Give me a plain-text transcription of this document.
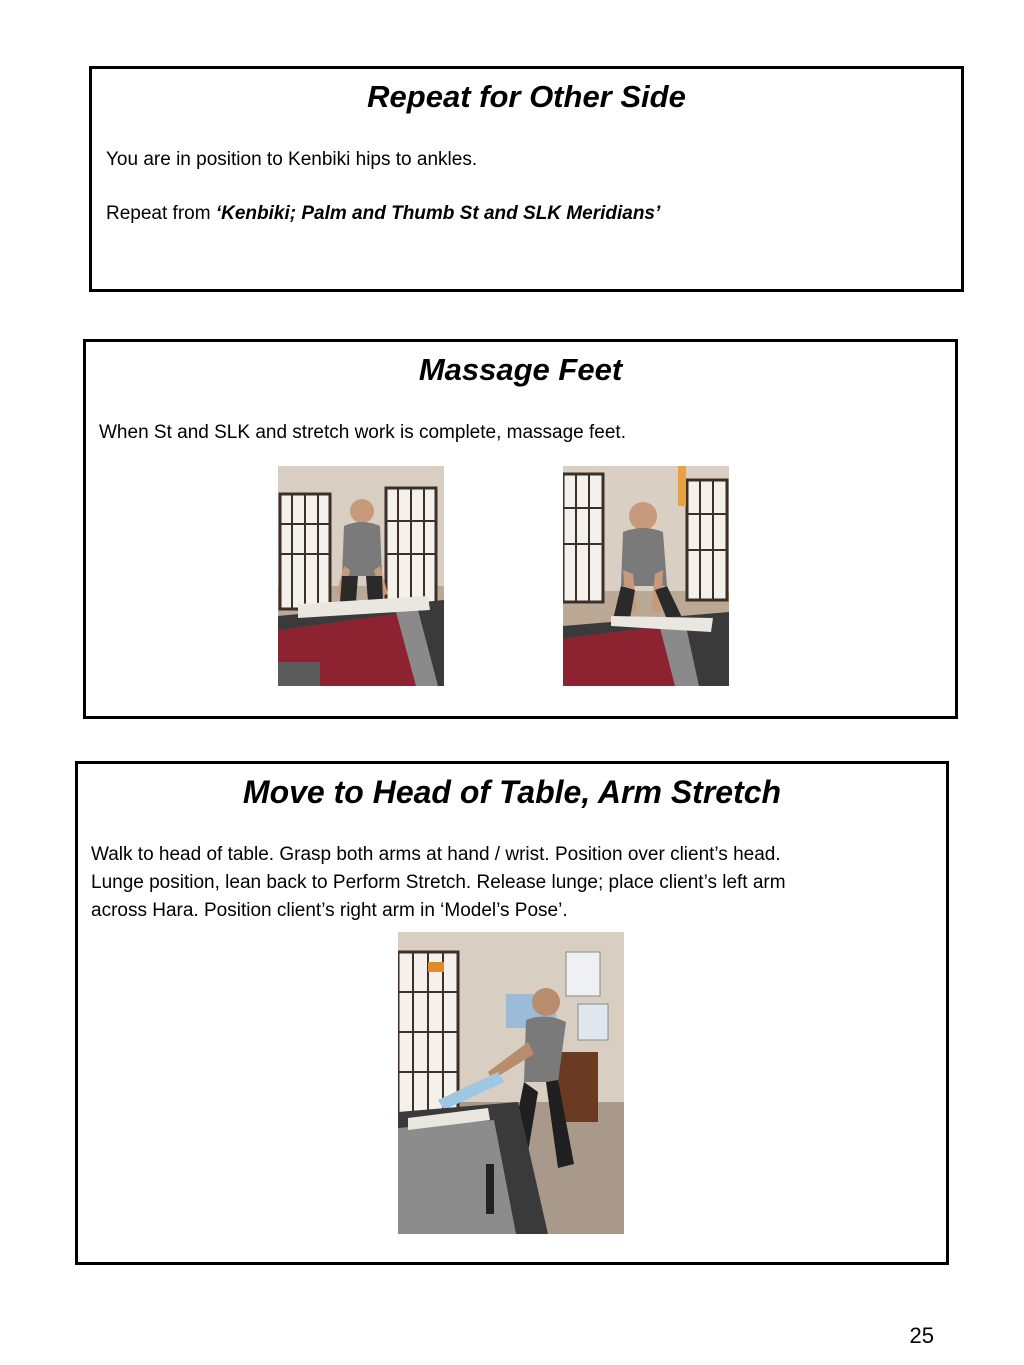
Repeat for Other Side

You are in position to Kenbiki hips to ankles.

Repeat from ‘Kenbiki; Palm and Thumb St and SLK Meridians’

Massage Feet

When St and SLK and stretch work is complete, massage feet.

Move to Head of Table, Arm Stretch

Walk to head of table. Grasp both arms at hand / wrist. Position over client’s head.

Lunge position, lean back to Perform Stretch. Release lunge; place client’s left arm

across Hara. Position client’s right arm in ‘Model’s Pose’.

25
